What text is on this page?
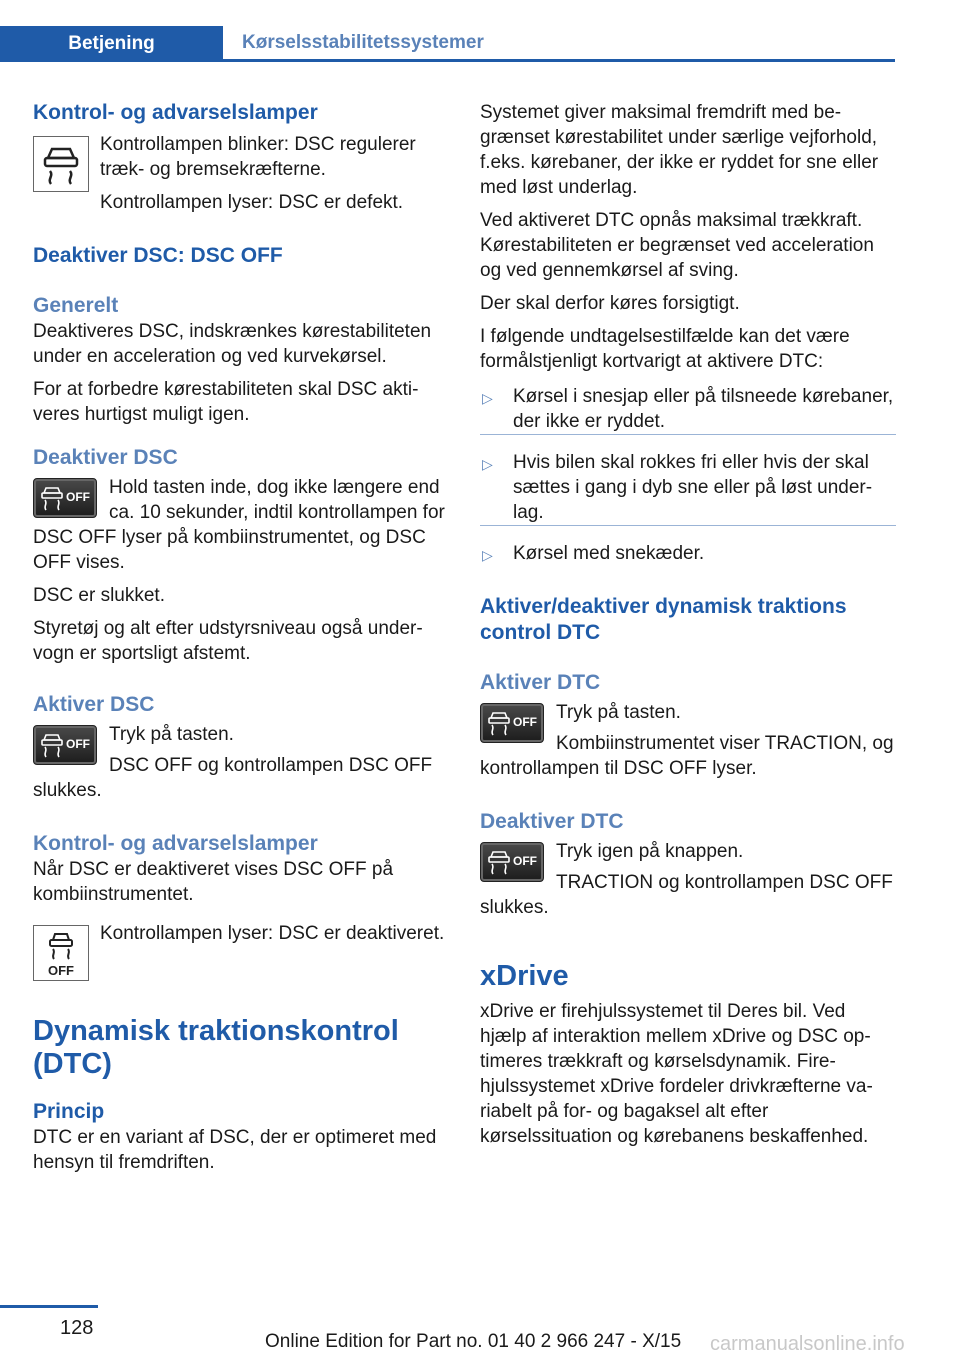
Betjening	Kørselsstabilitetssystemer
Kontrol- og advarselslamper

Kontrollampen blinker: DSC regulerer træk- og bremsekræfterne.

Kontrollampen lyser: DSC er defekt.

Deaktiver DSC: DSC OFF
Generelt

Deaktiveres DSC, indskrænkes kørestabiliteten under en acceleration og ved kurvekørsel.

For at forbedre kørestabiliteten skal DSC aktiveres hurtigst muligt igen.

Deaktiver DSC
OFF	Hold tasten inde, dog ikke længere end ca. 10 sekunder, indtil kontrollampen for DSC OFF lyser på kombiinstrumentet, og DSC OFF vises.

DSC er slukket.

Styretøj og alt efter udstyrsniveau også undervogn er sportsligt afstemt.

Aktiver DSC
OFF	Tryk på tasten.

DSC OFF og kontrollampen DSC OFF slukkes.

Kontrol- og advarselslamper

Når DSC er deaktiveret vises DSC OFF på kombiinstrumentet.

OFF

Kontrollampen lyser: DSC er deaktiveret.

Dynamisk traktionskontrol (DTC)
Princip

DTC er en variant af DSC, der er optimeret med hensyn til fremdriften.

Systemet giver maksimal fremdrift med begrænset kørestabilitet under særlige vejforhold, f.eks. kørebaner, der ikke er ryddet for sne eller med løst underlag.

Ved aktiveret DTC opnås maksimal trækkraft. Kørestabiliteten er begrænset ved acceleration og ved gennemkørsel af sving.

Der skal derfor køres forsigtigt.

I følgende undtagelsestilfælde kan det være formålstjenligt kortvarigt at aktivere DTC:

▷ Kørsel i snesjap eller på tilsneede kørebaner, der ikke er ryddet.
▷ Hvis bilen skal rokkes fri eller hvis der skal sættes i gang i dyb sne eller på løst underlag.
▷ Kørsel med snekæder.
Aktiver/deaktiver dynamisk traktions control DTC
Aktiver DTC
OFF	Tryk på tasten.

Kombiinstrumentet viser TRACTION, og kontrollampen til DSC OFF lyser.

Deaktiver DTC
OFF	Tryk igen på knappen.

TRACTION og kontrollampen DSC OFF slukkes.

xDrive

xDrive er firehjulssystemet til Deres bil. Ved hjælp af interaktion mellem xDrive og DSC optimeres trækkraft og kørselsdynamik. Firehjulssystemet xDrive fordeler drivkræfterne variabelt på for- og bagaksel alt efter kørselssituation og kørebanens beskaffenhed.

128
Online Edition for Part no. 01 40 2 966 247 - X/15 carmanualsonline.info
